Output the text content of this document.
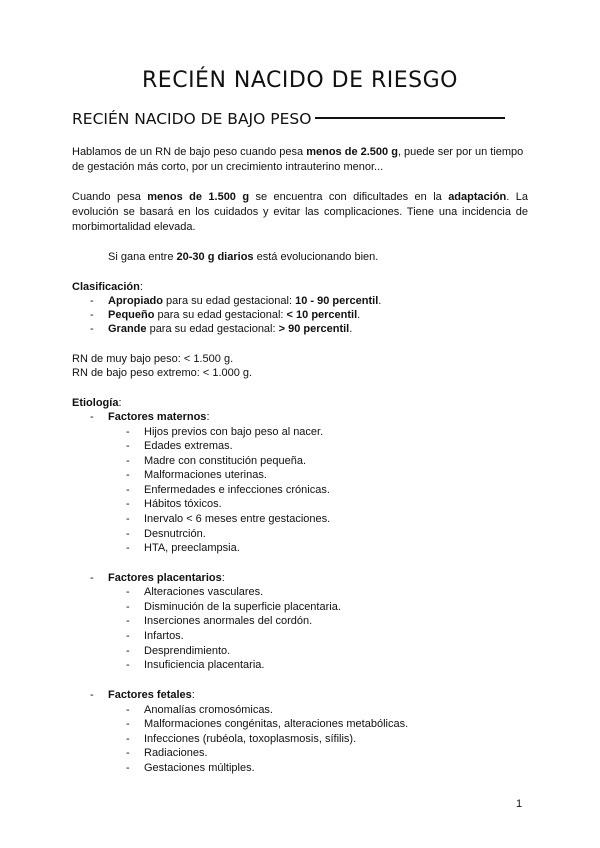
RECIÉN NACIDO DE RIESGO
RECIÉN NACIDO DE BAJO PESO
Hablamos de un RN de bajo peso cuando pesa menos de 2.500 g, puede ser por un tiempo de gestación más corto, por un crecimiento intrauterino menor...
Cuando pesa menos de 1.500 g se encuentra con dificultades en la adaptación. La evolución se basará en los cuidados y evitar las complicaciones. Tiene una incidencia de morbimortalidad elevada.
Si gana entre 20-30 g diarios está evolucionando bien.
Clasificación:
- Apropiado para su edad gestacional: 10 - 90 percentil.
- Pequeño para su edad gestacional: < 10 percentil.
- Grande para su edad gestacional: > 90 percentil.
RN de muy bajo peso: < 1.500 g.
RN de bajo peso extremo: < 1.000 g.
Etiología:
- Factores maternos:
- Hijos previos con bajo peso al nacer.
- Edades extremas.
- Madre con constitución pequeña.
- Malformaciones uterinas.
- Enfermedades e infecciones crónicas.
- Hábitos tóxicos.
- Inervalo < 6 meses entre gestaciones.
- Desnutrción.
- HTA, preeclampsia.
- Factores placentarios:
- Alteraciones vasculares.
- Disminución de la superficie placentaria.
- Inserciones anormales del cordón.
- Infartos.
- Desprendimiento.
- Insuficiencia placentaria.
- Factores fetales:
- Anomalías cromosómicas.
- Malformaciones congénitas, alteraciones metabólicas.
- Infecciones (rubéola, toxoplasmosis, sífilis).
- Radiaciones.
- Gestaciones múltiples.
1
